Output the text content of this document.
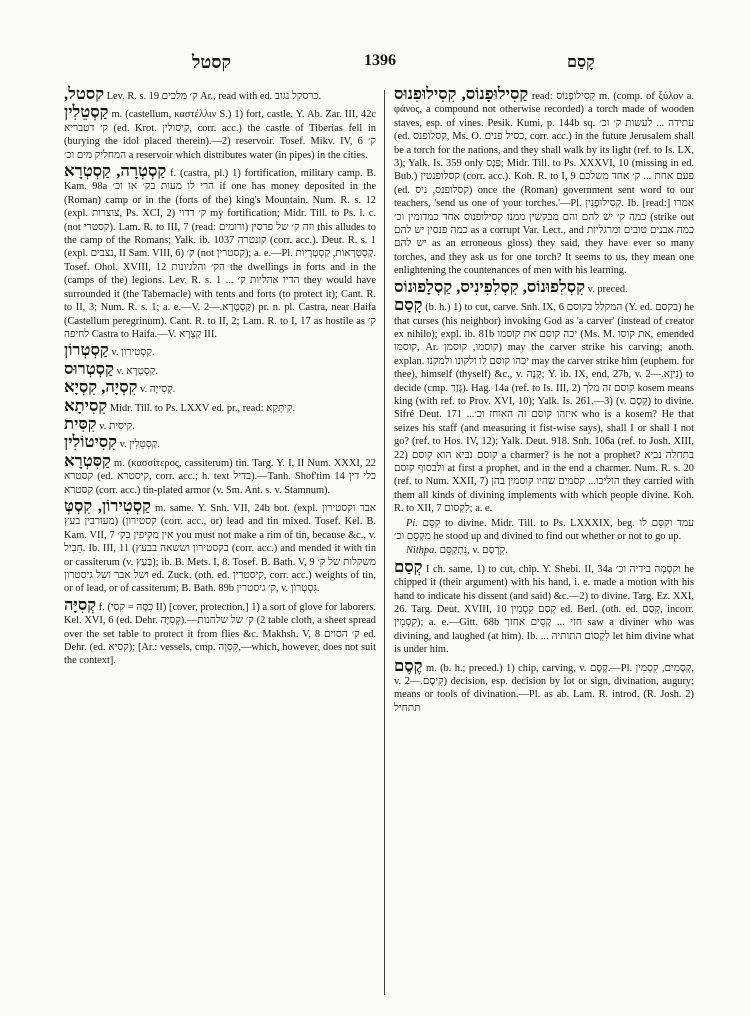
קסטל	1396	קָסַם
קסטל, Lev. R. s. 19 ק׳ מלכים Ar., read with ed. כרסקל נגוב.
קַסְטֵלִין m. (castellum, καστέλλιν S.) 1) fort, castle. Y. Ab. Zar. III, 42c ק׳ דטבריא (ed. Krot. קיסולין, corr. acc.) the castle of Tiberias fell in (burying the idol placed therein).—2) reservoir. Tosef. Mikv. IV, 6 ק׳ המחליק מים וכ׳ a reservoir which distributes water (in pipes) in the cities.
קַסְטְרָה, קַסְטְרָא f. (castra, pl.) 1) fortification, military camp. B. Kam. 98a הרי לו מעות בק׳ או וכ׳ if one has money deposited in the (Roman) camp or in the (forts of the) king's Mountain. Num. R. s. 12 (expl. צוצרות, Ps. XCI, 2) ק׳ דדוי my fortification; Midr. Till. to Ps. l. c. (not קסטרי). Lam. R. to III, 7 (read: ורומים) וזה ק׳ של פרסין this alludes to the camp of the Romans; Yalk. ib. 1037 קונטרה (corr. acc.). Deut. R. s. 1 (expl. נצבים, II Sam. VIII, 6) ק׳ (not קסטרין); a. e.—Pl. קַסְטְרָאוֹת, קַסְטְרָיוֹת. Tosef. Ohol. XVIII, 12 הק׳ והלגיונות the dwellings in forts and in the (camps of the) legions. Lev. R. s. 1 ... הדיו אהליות ק׳ they would have surrounded it (the Tabernacle) with tents and forts (to protect it); Cant. R. to II, 3; Num. R. s. 1; a. e.—V. קַסְטְרָא.—2) pr. n. pl. Castra, near Haifa (Castellum peregrinum). Cant. R. to II, 2; Lam. R. to I, 17 as hostile as ק׳ לחיפה Castra to Haifa.—V. קַצְרָא III.
קַסְטְרוֹן v. קַסְטִירוֹן.
קַסְטְרוּס v. קַסְטְרָא.
קִסְיָה, קִסְיָא v. קְסִייָה.
קִסִיתָא Midr. Till. to Ps. LXXV ed. pr., read: קִיתְּקָא.
קִסִּית v. קִיסִּית.
קִסִיטוֹלִין v. קַסְטֵלִין.
קַסִּטְרָא m. (κασσίτερος, cassiterum) tin. Targ. Y. I, II Num. XXXI, 22 קסטרא (ed. קיסטרא, corr. acc.; h. text בדיל).—Tanh. Shof'tim 14 כלי דין קסטרא (corr. acc.) tin-plated armor (v. Sm. Ant. s. v. Stamnum).
קַסְטִירוֹן, קִסְטְּ m. same. Y. Snh. VII, 24b bot. (expl. אבר וקסטירון מעורבין בעץ) (קסטירון (corr. acc., or) lead and tin mixed. Tosef. Kel. B. Kam. VII, 7 אין מקיפין בק׳ you must not make a rim of tin, because &c., v. חֵבִיל. Ib. III, 11 (בקסטירון וששאה בבעץ (corr. acc.) and mended it with tin or cassiterum (v. בַּעַץ); ib. B. Mets. I, 8. Tosef. B. Bath. V, 9 משקלות של ק׳ ושל אבר ושל גיסטרון ed. Zuck. (oth. ed. קיסטרין, corr. acc.) weights of tin, or of lead, or of cassiterum; B. Bath. 89b ק׳ גיסטרין, v. גִּסְטְרוֹן.
קְסִיָּה f. (כִּסָּה = קסי II) [cover, protection,] 1) a sort of glove for laborers. Kel. XVI, 6 (ed. Dehr. קְסִיָּה).—2) ק׳ של שלחנות table cloth, a sheet spread over the set table to protect it from flies &c. Makhsh. V, 8 ק׳ הסוים ed. Dehr. (ed. קסיא); [Ar.: vessels, cmp. קִסְוָה,—which, however, does not suit the context].
קַסִילוּפָנוֹס, קִסִילוּפִנוּס read: קִסִילוֹפָנוֹס m. (comp. of ξύλον a. φάνος, a compound not otherwise recorded) a torch made of wooden staves, esp. of vines. Pesik. Kumi, p. 144b sq. עתידה ... לעשות ק׳ וכ׳ (ed. קסלופנס, Ms. O. כסיל פנים, corr. acc.) in the future Jerusalem shall be a torch for the nations, and they shall walk by its light (ref. to Is. LX, 3); Yalk. Is. 359 only פַּנָס; Midr. Till. to Ps. XXXVI, 10 (missing in ed. Bub.) קסלופנטין (corr. acc.). Koh. R. to I, 9 פעם אחת ... ק׳ אחד משלכם (ed. קסלופנס, ניס) once the (Roman) government sent word to our teachers, 'send us one of your torches.'—Pl. קְסִילוּפָנִין. Ib. [read:] אמרו כמה ק׳ יש להם והם מבקשין ממנו קסילופנוס אחד כמדומין וכ׳ (strike out כמה פנסין יש להם as a corrupt Var. Lect., and כמה אבנים טובים ומרגליות יש להם as an erroneous gloss) they said, they have ever so many torches, and they ask us for one torch? It seems to us, they mean one enlightening the countenances of men with his learning.
קִסְלִפוּנוֹס, קִסְלִפִינִיס, קַסְלָפוּנוֹס v. preced.
קָסַם (b. h.) 1) to cut, carve. Snh. IX, 6 המקלל בקוסם (Y. ed. בקסם) he that curses (his neighbor) invoking God as 'a carver' (instead of creator ex nihilo); expl. ib. 81b יכה קוסם את קוסמו (Ms. M. את קוסו, emended קוסמו, Ar. קוסמו, קוסמן) may the carver strike his carving; anoth. explan. יכהו קוסם לו ולקונו ולמקנו may the carver strike him (euphem. for thee), himself (thyself) &c., v. קָנָה; Y. ib. IX, end, 27b, v. נִיזָא.—2) to decide (cmp. גָּזַר). Hag. 14a (ref. to Is. III, 2) קוסם זה מלך kosem means king (with ref. to Prov. XVI, 10); Yalk. Is. 261.—3) (v. קֶסֶם) to divine. Sifré Deut. 171 ...איזהו קוסם זה האוחז וכ׳ who is a kosem? He that seizes his staff (and measuring it fist-wise says), shall I or shall I not go? (ref. to Hos. IV, 12); Yalk. Deut. 918. Snh. 106a (ref. to Josh. XIII, 22) קוסם נביא הוא קוסם a charmer? is he not a prophet? בתחלה נביא ולבסוף קוסם at first a prophet, and in the end a charmer. Num. R. s. 20 (ref. to Num. XXII, 7) הוליכו... קסמים שהיו קוסמין בהן they carried with them all kinds of divining implements with which people divine. Koh. R. to XII, 7 לִקְסוֹם; a. e.
Pi. קִסֵּם to divine. Midr. Till. to Ps. LXXXIX, beg. עמד וקִסֵּם לו מִקְסֵם וכ׳ he stood up and divined to find out whether or not to go up.
Nithpa. נִתְקַסֵּם, v. קְרָסַם.
קְסַם I ch. same, 1) to cut, chip. Y. Shebi. II, 34a וקִסְמָה בידיה וכ׳ he chipped it (their argument) with his hand, i. e. made a motion with his hand to indicate his dissent (and said) &c.—2) to divine. Targ. Ez. XXI, 26. Targ. Deut. XVIII, 10 קָסַם קִסְמִין ed. Berl. (oth. ed. קְסַם, incorr. קִסְמִין); a. e.—Gitt. 68b חזי ... קָסֵים אחזך saw a diviner who was divining, and laughed (at him). Ib. ... לִקְסוֹם התותיה let him divine what is under him.
קֶסֶם m. (b. h.; preced.) 1) chip, carving, v. קֶסֶם.—Pl. קְסָמִים, קִסְמִין, v. קִיסָם.—2) decision, esp. decision by lot or sign, divination, augury; means or tools of divination.—Pl. as ab. Lam. R. introd. (R. Josh. 2) תתחיל
